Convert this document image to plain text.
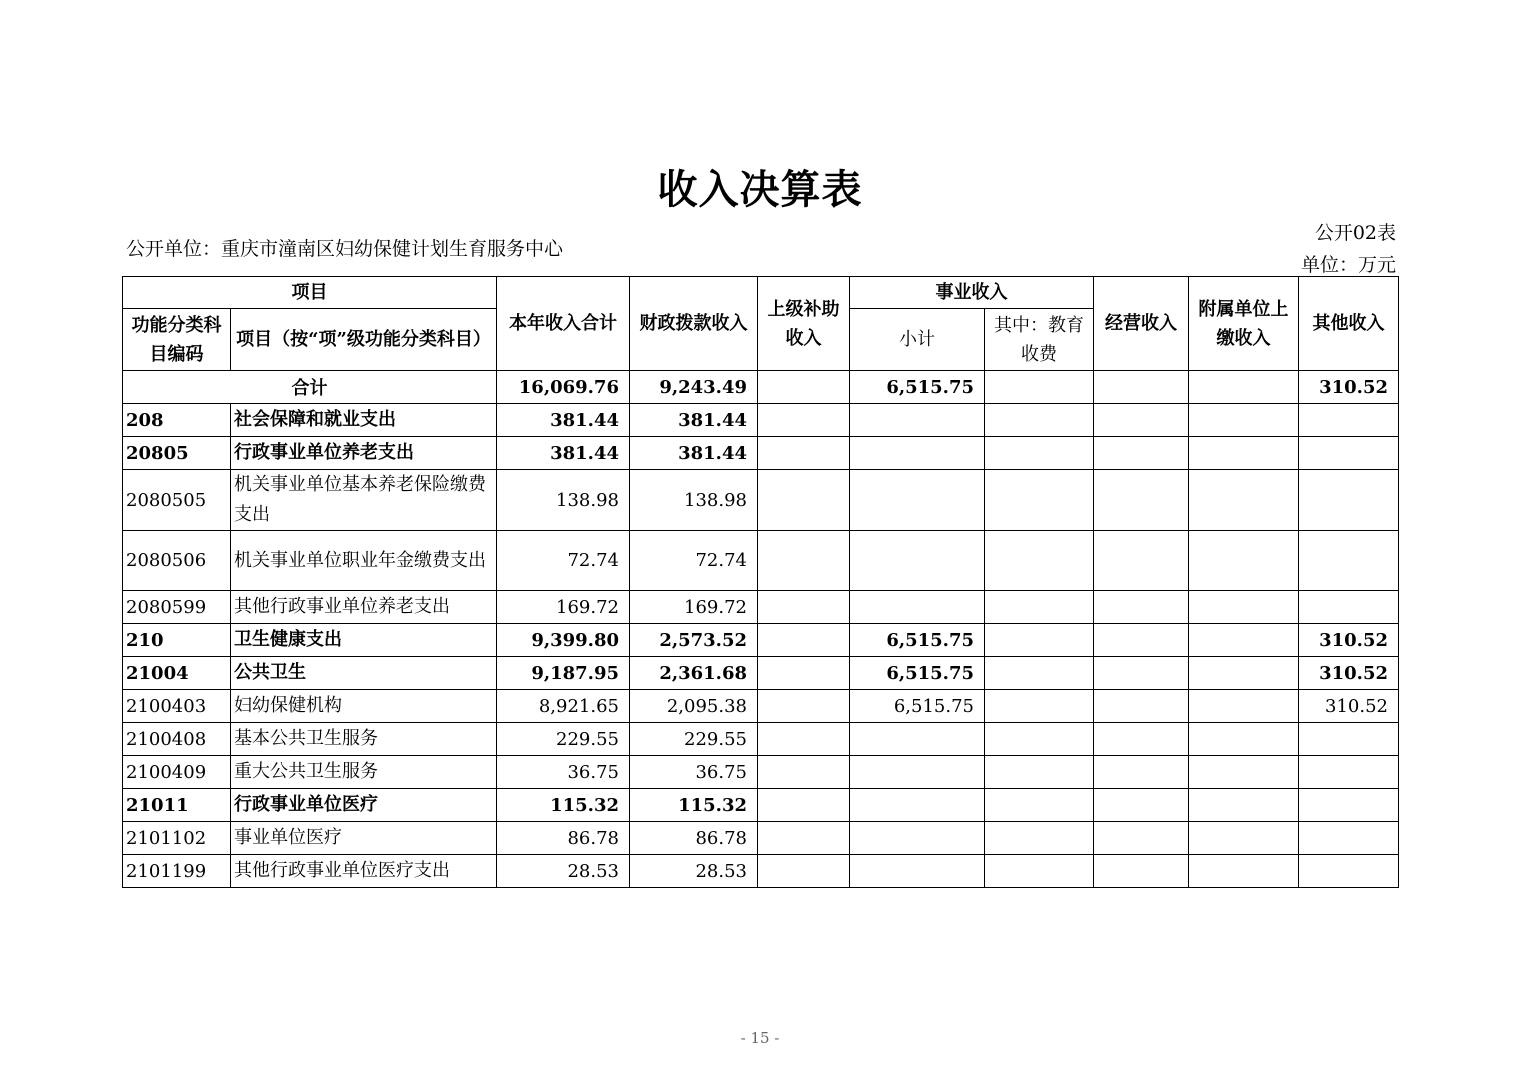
收入决算表
公开单位：重庆市潼南区妇幼保健计划生育服务中心
公开02表
单位：万元
项目		本年收入合计	财政拨款收入	上级补助收入	事业收入		经营收入	附属单位上缴收入	其他收入
功能分类科目编码	项目（按“项”级功能分类科目）				小计	其中：教育收费			
合计		16,069.76	9,243.49		6,515.75				310.52
208	社会保障和就业支出	381.44	381.44						
20805	行政事业单位养老支出	381.44	381.44						
2080505	机关事业单位基本养老保险缴费支出	138.98	138.98						
2080506	机关事业单位职业年金缴费支出	72.74	72.74						
2080599	其他行政事业单位养老支出	169.72	169.72						
210	卫生健康支出	9,399.80	2,573.52		6,515.75				310.52
21004	公共卫生	9,187.95	2,361.68		6,515.75				310.52
2100403	妇幼保健机构	8,921.65	2,095.38		6,515.75				310.52
2100408	基本公共卫生服务	229.55	229.55						
2100409	重大公共卫生服务	36.75	36.75						
21011	行政事业单位医疗	115.32	115.32						
2101102	事业单位医疗	86.78	86.78						
2101199	其他行政事业单位医疗支出	28.53	28.53						
- 15 -
